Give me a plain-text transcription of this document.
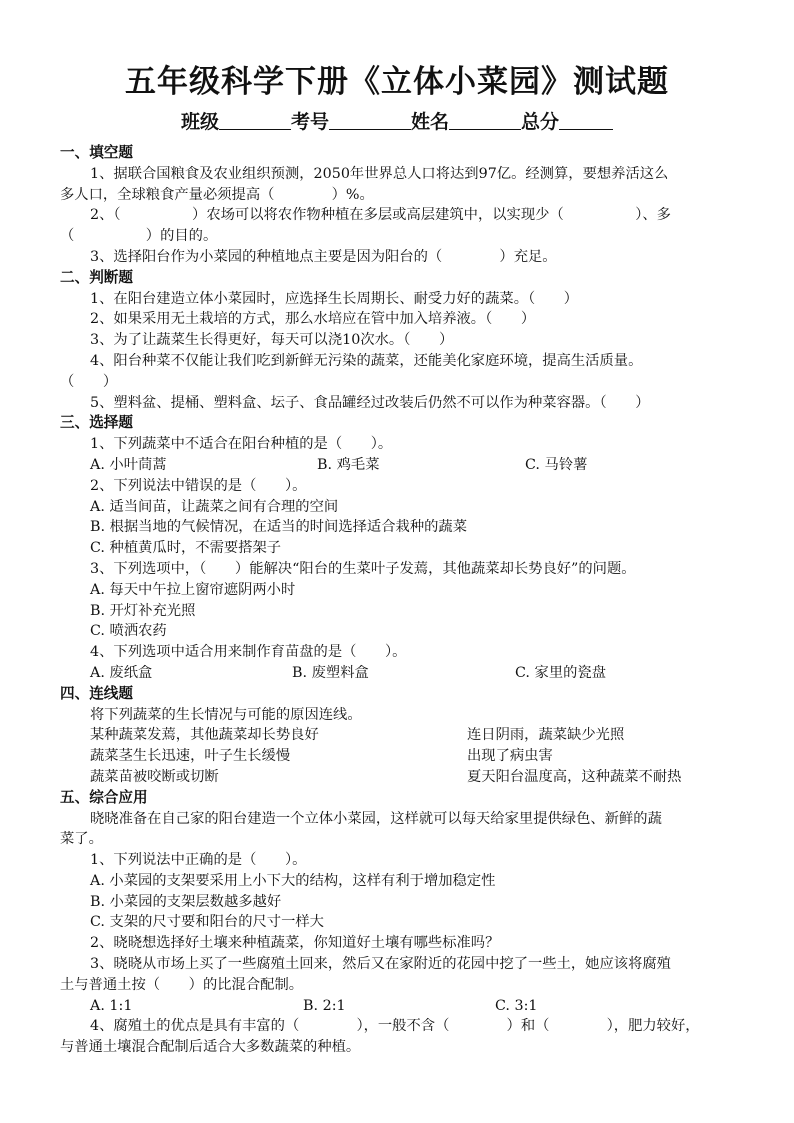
五年级科学下册《立体小菜园》测试题
班级	考号	姓名	总分

一、填空题

1、据联合国粮食及农业组织预测，2050年世界总人口将达到97亿。经测算，要想养活这么

多人口，全球粮食产量必须提高（　　　　）%。

2、（　　　　　）农场可以将农作物种植在多层或高层建筑中，以实现少（　　　　　）、多

（　　　　　）的目的。

3、选择阳台作为小菜园的种植地点主要是因为阳台的（　　　　）充足。

二、判断题

1、在阳台建造立体小菜园时，应选择生长周期长、耐受力好的蔬菜。（　　）

2、如果采用无土栽培的方式，那么水培应在管中加入培养液。（　　）

3、为了让蔬菜生长得更好，每天可以浇10次水。（　　）

4、阳台种菜不仅能让我们吃到新鲜无污染的蔬菜，还能美化家庭环境，提高生活质量。

（　　）

5、塑料盆、提桶、塑料盒、坛子、食品罐经过改装后仍然不可以作为种菜容器。（　　）

三、选择题

1、下列蔬菜中不适合在阳台种植的是（　　）。

A. 小叶茼蒿	B. 鸡毛菜	C. 马铃薯

2、下列说法中错误的是（　　）。

A. 适当间苗，让蔬菜之间有合理的空间

B. 根据当地的气候情况，在适当的时间选择适合栽种的蔬菜

C. 种植黄瓜时，不需要搭架子

3、下列选项中，（　　）能解决“阳台的生菜叶子发蔫，其他蔬菜却长势良好”的问题。

A. 每天中午拉上窗帘遮阴两小时

B. 开灯补充光照

C. 喷洒农药

4、下列选项中适合用来制作育苗盘的是（　　）。

A. 废纸盒	B. 废塑料盒	C. 家里的瓷盘

四、连线题

将下列蔬菜的生长情况与可能的原因连线。

某种蔬菜发蔫，其他蔬菜却长势良好	连日阴雨，蔬菜缺少光照
蔬菜茎生长迅速，叶子生长缓慢	出现了病虫害
蔬菜苗被咬断或切断	夏天阳台温度高，这种蔬菜不耐热

五、综合应用

晓晓准备在自己家的阳台建造一个立体小菜园，这样就可以每天给家里提供绿色、新鲜的蔬

菜了。

1、下列说法中正确的是（　　）。

A. 小菜园的支架要采用上小下大的结构，这样有利于增加稳定性

B. 小菜园的支架层数越多越好

C. 支架的尺寸要和阳台的尺寸一样大

2、晓晓想选择好土壤来种植蔬菜，你知道好土壤有哪些标准吗？

3、晓晓从市场上买了一些腐殖土回来，然后又在家附近的花园中挖了一些土，她应该将腐殖

土与普通土按（　　）的比混合配制。

A. 1:1	B. 2:1	C. 3:1

4、腐殖土的优点是具有丰富的（　　　　），一般不含（　　　　）和（　　　　），肥力较好，

与普通土壤混合配制后适合大多数蔬菜的种植。
